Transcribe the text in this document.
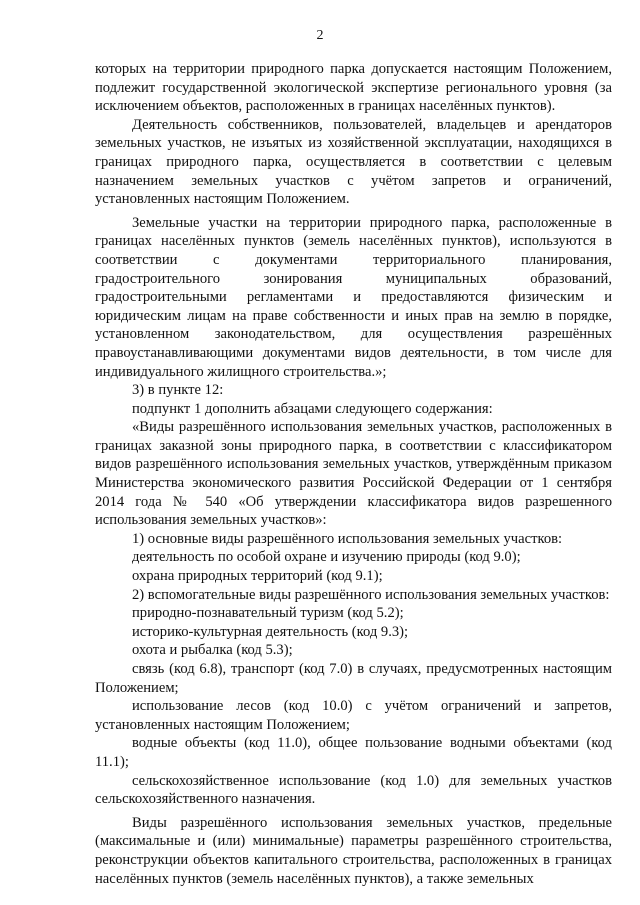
2

которых на территории природного парка допускается настоящим Положением, подлежит государственной экологической экспертизе регионального уровня (за исключением объектов, расположенных в границах населённых пунктов).

Деятельность собственников, пользователей, владельцев и арендаторов земельных участков, не изъятых из хозяйственной эксплуатации, находящихся в границах природного парка, осуществляется в соответствии с целевым назначением земельных участков с учётом запретов и ограничений, установленных настоящим Положением.

Земельные участки на территории природного парка, расположенные в границах населённых пунктов (земель населённых пунктов), используются в соответствии с документами территориального планирования, градостроительного зонирования муниципальных образований, градостроительными регламентами и предоставляются физическим и юридическим лицам на праве собственности и иных прав на землю в порядке, установленном законодательством, для осуществления разрешённых правоустанавливающими документами видов деятельности, в том числе для индивидуального жилищного строительства.»;

3) в пункте 12:

подпункт 1 дополнить абзацами следующего содержания:

«Виды разрешённого использования земельных участков, расположенных в границах заказной зоны природного парка, в соответствии с классификатором видов разрешённого использования земельных участков, утверждённым приказом Министерства экономического развития Российской Федерации от 1 сентября 2014 года № 540 «Об утверждении классификатора видов разрешенного использования земельных участков»:

1) основные виды разрешённого использования земельных участков:

деятельность по особой охране и изучению природы (код 9.0);

охрана природных территорий (код 9.1);

2) вспомогательные виды разрешённого использования земельных участков:

природно-познавательный туризм (код 5.2);

историко-культурная деятельность (код 9.3);

охота и рыбалка (код 5.3);

связь (код 6.8), транспорт (код 7.0) в случаях, предусмотренных настоящим Положением;

использование лесов (код 10.0) с учётом ограничений и запретов, установленных настоящим Положением;

водные объекты (код 11.0), общее пользование водными объектами (код 11.1);

сельскохозяйственное использование (код 1.0) для земельных участков сельскохозяйственного назначения.

Виды разрешённого использования земельных участков, предельные (максимальные и (или) минимальные) параметры разрешённого строительства, реконструкции объектов капитального строительства, расположенных в границах населённых пунктов (земель населённых пунктов), а также земельных
